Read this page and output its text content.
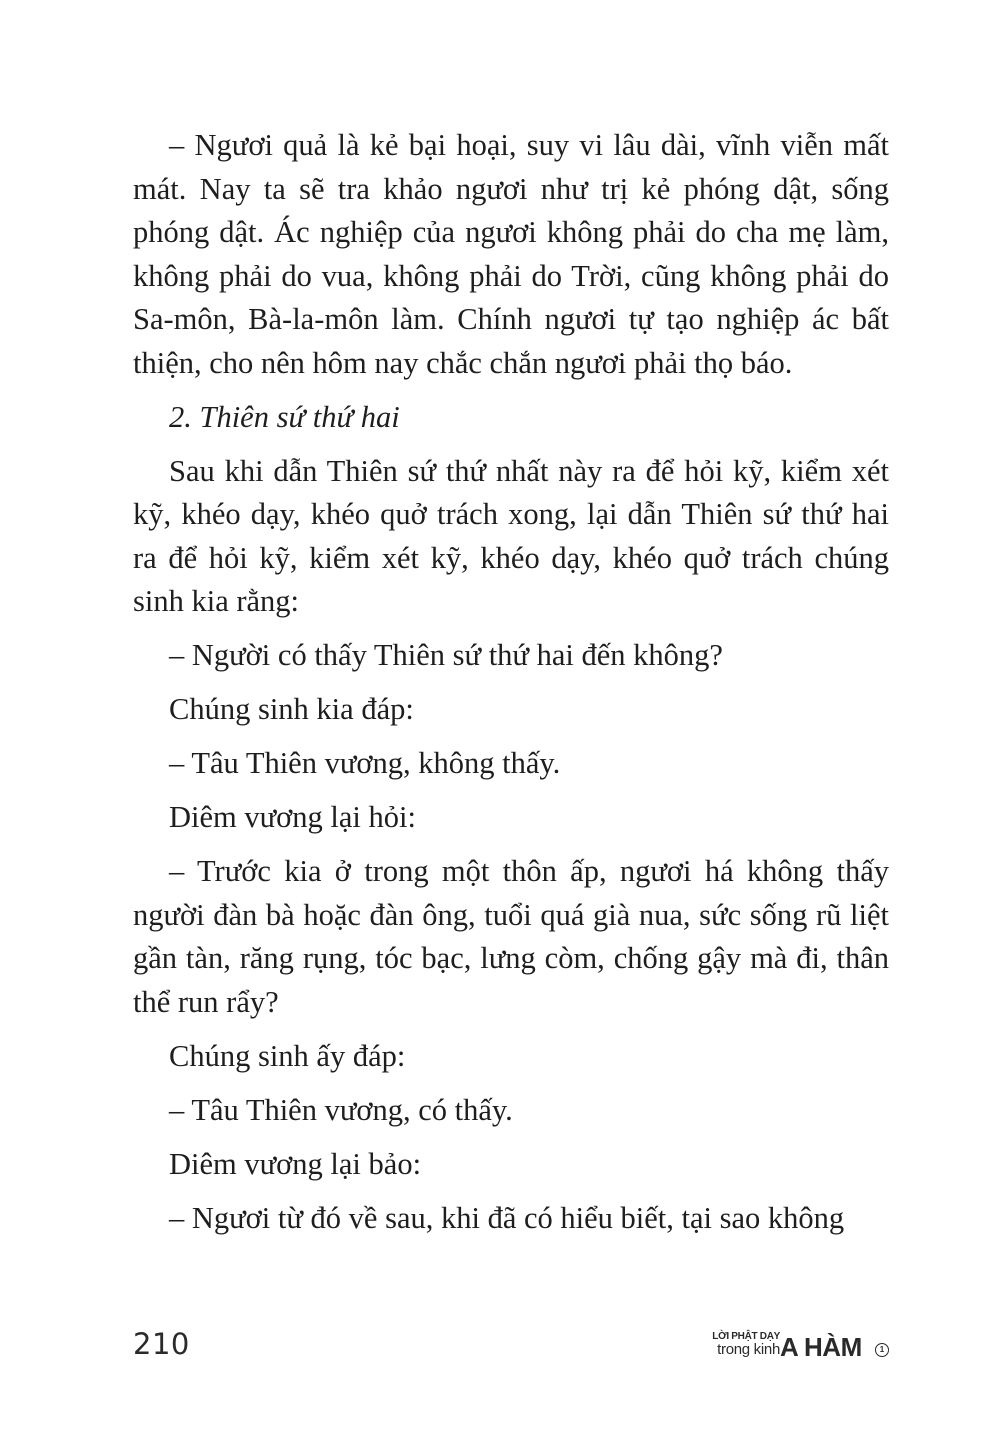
– Ngươi quả là kẻ bại hoại, suy vi lâu dài, vĩnh viễn mất mát. Nay ta sẽ tra khảo ngươi như trị kẻ phóng dật, sống phóng dật. Ác nghiệp của ngươi không phải do cha mẹ làm, không phải do vua, không phải do Trời, cũng không phải do Sa-môn, Bà-la-môn làm. Chính ngươi tự tạo nghiệp ác bất thiện, cho nên hôm nay chắc chắn ngươi phải thọ báo.

2. Thiên sứ thứ hai

Sau khi dẫn Thiên sứ thứ nhất này ra để hỏi kỹ, kiểm xét kỹ, khéo dạy, khéo quở trách xong, lại dẫn Thiên sứ thứ hai ra để hỏi kỹ, kiểm xét kỹ, khéo dạy, khéo quở trách chúng sinh kia rằng:

– Người có thấy Thiên sứ thứ hai đến không?

Chúng sinh kia đáp:

– Tâu Thiên vương, không thấy.

Diêm vương lại hỏi:

– Trước kia ở trong một thôn ấp, ngươi há không thấy người đàn bà hoặc đàn ông, tuổi quá già nua, sức sống rũ liệt gần tàn, răng rụng, tóc bạc, lưng còm, chống gậy mà đi, thân thể run rẩy?

Chúng sinh ấy đáp:

– Tâu Thiên vương, có thấy.

Diêm vương lại bảo:

– Ngươi từ đó về sau, khi đã có hiểu biết, tại sao không

210	LỜI PHẬT DẠY
trong kinh A HÀM	1
